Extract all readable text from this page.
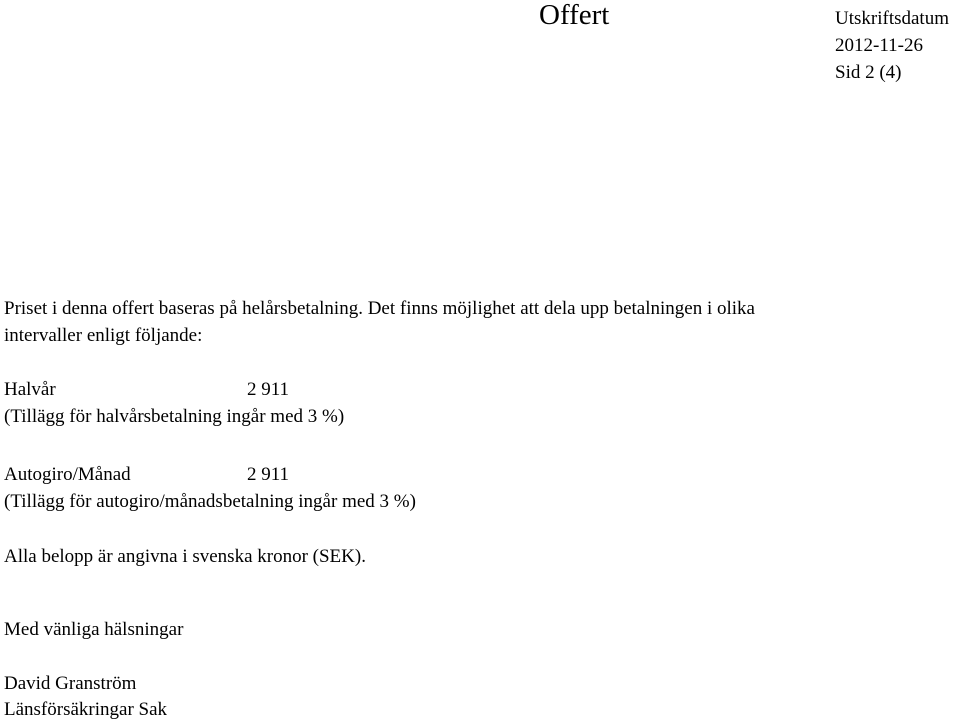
Offert	Utskriftsdatum
2012-11-26
Sid 2 (4)
Priset i denna offert baseras på helårsbetalning. Det finns möjlighet att dela upp betalningen i olika
intervaller enligt följande:
Halvår	2 911
(Tillägg för halvårsbetalning ingår med 3 %)
Autogiro/Månad	2 911
(Tillägg för autogiro/månadsbetalning ingår med 3 %)
Alla belopp är angivna i svenska kronor (SEK).
Med vänliga hälsningar
David Granström
Länsförsäkringar Sak
